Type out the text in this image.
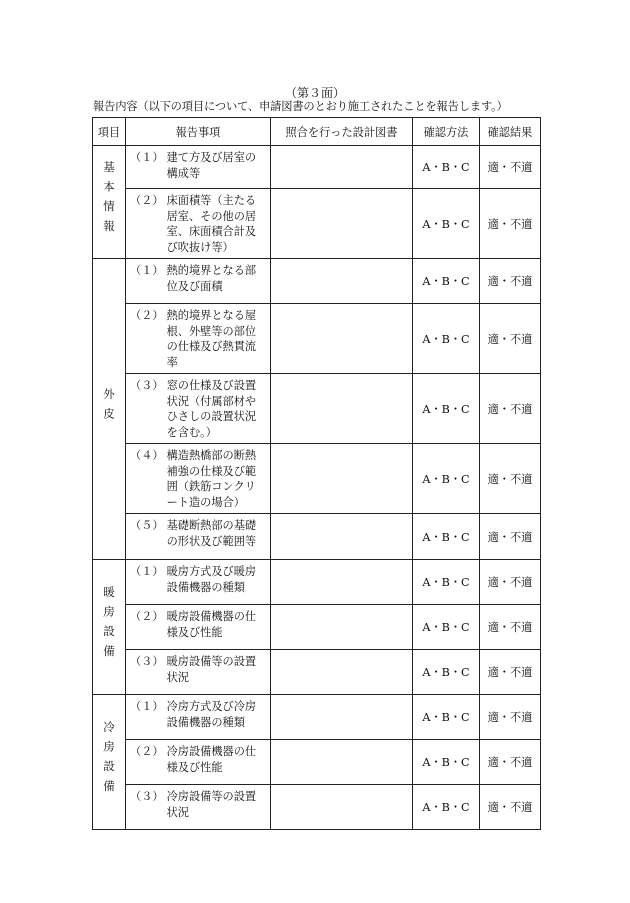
（第３面）
報告内容（以下の項目について、申請図書のとおり施工されたことを報告します。）
項目	報告事項	照合を行った設計図書	確認方法	確認結果
基本情報	（１） 建て方及び居室の構成等		A・B・C	適・不適

	（２） 床面積等（主たる居室、その他の居室、床面積合計及び吹抜け等）		A・B・C	適・不適
外皮	（１） 熱的境界となる部位及び面積		A・B・C	適・不適

	（２） 熱的境界となる屋根、外壁等の部位の仕様及び熱貫流率		A・B・C	適・不適

	（３） 窓の仕様及び設置状況（付属部材やひさしの設置状況を含む。）		A・B・C	適・不適

	（４） 構造熱橋部の断熱補強の仕様及び範囲（鉄筋コンクリート造の場合）		A・B・C	適・不適

	（５） 基礎断熱部の基礎の形状及び範囲等		A・B・C	適・不適
暖房設備	（１） 暖房方式及び暖房設備機器の種類		A・B・C	適・不適

	（２） 暖房設備機器の仕様及び性能		A・B・C	適・不適

	（３） 暖房設備等の設置状況		A・B・C	適・不適
冷房設備	（１） 冷房方式及び冷房設備機器の種類		A・B・C	適・不適

	（２） 冷房設備機器の仕様及び性能		A・B・C	適・不適

	（３） 冷房設備等の設置状況		A・B・C	適・不適
